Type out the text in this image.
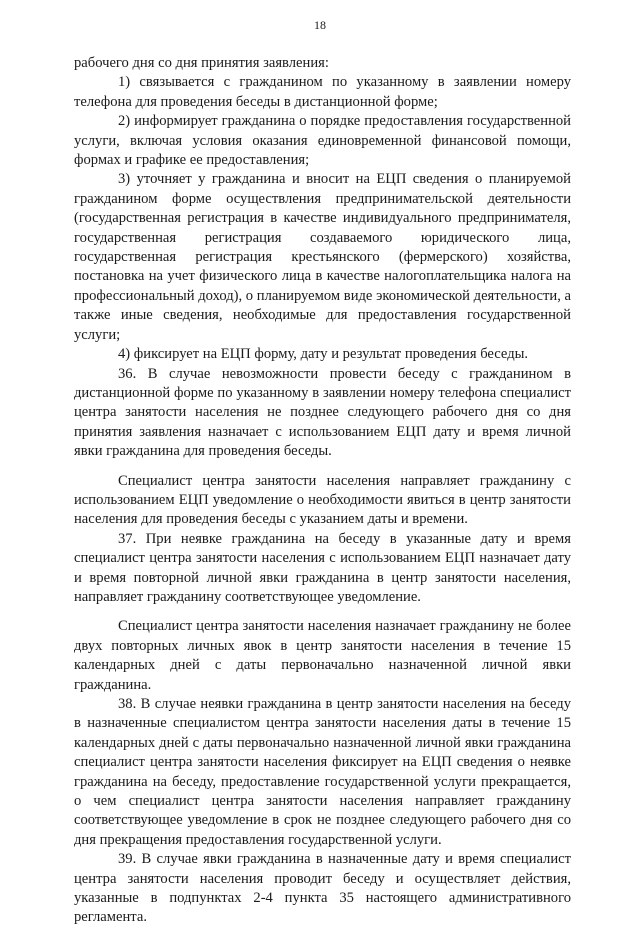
18

рабочего дня со дня принятия заявления:

1) связывается с гражданином по указанному в заявлении номеру телефона для проведения беседы в дистанционной форме;

2) информирует гражданина о порядке предоставления государственной услуги, включая условия оказания единовременной финансовой помощи, формах и графике ее предоставления;

3) уточняет у гражданина и вносит на ЕЦП сведения о планируемой гражданином форме осуществления предпринимательской деятельности (государственная регистрация в качестве индивидуального предпринимателя, государственная регистрация создаваемого юридического лица, государственная регистрация крестьянского (фермерского) хозяйства, постановка на учет физического лица в качестве налогоплательщика налога на профессиональный доход), о планируемом виде экономической деятельности, а также иные сведения, необходимые для предоставления государственной услуги;

4) фиксирует на ЕЦП форму, дату и результат проведения беседы.

36. В случае невозможности провести беседу с гражданином в дистанционной форме по указанному в заявлении номеру телефона специалист центра занятости населения не позднее следующего рабочего дня со дня принятия заявления назначает с использованием ЕЦП дату и время личной явки гражданина для проведения беседы.

Специалист центра занятости населения направляет гражданину с использованием ЕЦП уведомление о необходимости явиться в центр занятости населения для проведения беседы с указанием даты и времени.

37. При неявке гражданина на беседу в указанные дату и время специалист центра занятости населения с использованием ЕЦП назначает дату и время повторной личной явки гражданина в центр занятости населения, направляет гражданину соответствующее уведомление.

Специалист центра занятости населения назначает гражданину не более двух повторных личных явок в центр занятости населения в течение 15 календарных дней с даты первоначально назначенной личной явки гражданина.

38. В случае неявки гражданина в центр занятости населения на беседу в назначенные специалистом центра занятости населения даты в течение 15 календарных дней с даты первоначально назначенной личной явки гражданина специалист центра занятости населения фиксирует на ЕЦП сведения о неявке гражданина на беседу, предоставление государственной услуги прекращается, о чем специалист центра занятости населения направляет гражданину соответствующее уведомление в срок не позднее следующего рабочего дня со дня прекращения предоставления государственной услуги.

39. В случае явки гражданина в назначенные дату и время специалист центра занятости населения проводит беседу и осуществляет действия, указанные в подпунктах 2-4 пункта 35 настоящего административного регламента.
